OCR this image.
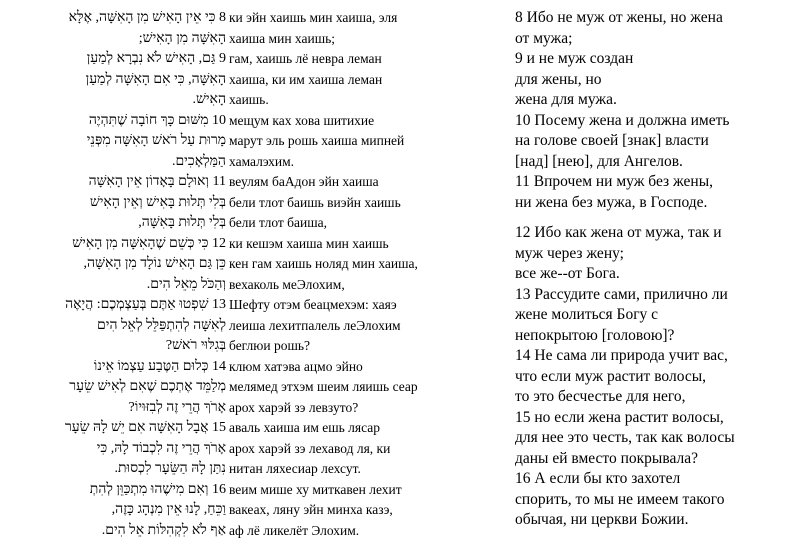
8 כִּי אֵין הָאִישׁ מִן הָאִשָּׁה, אֶלָּא
הָאִשָּׁה מִן הָאִישׁ;
9 גַּם, הָאִישׁ לֹא נִבְרָא לְמַעַן
הָאִשָּׁה, כִּי אִם הָאִשָּׁה לְמַעַן
הָאִישׁ.
10 מִשּׁוּם כָּךְ חוֹבָה שֶׁתִּהְיֶה
מָרוּת עַל רֹאשׁ הָאִשָּׁה מִפְּנֵי
הַמַּלְאָכִים.
11 וְאוּלָם בָּאָדוֹן אֵין הָאִשָּׁה
בְּלִי תְּלוּת בָּאִישׁ וְאֵין הָאִישׁ
בְּלִי תְּלוּת בָּאִשָּׁה,
12 כִּי כְּשֵׁם שֶׁהָאִשָּׁה מִן הָאִישׁ
כֵּן גַּם הָאִישׁ נוֹלָד מִן הָאִשָּׁה,
וְהַכֹּל מֵאֵל הִים.
13 שִׁפְטוּ אַתֶּם בְּעַצְמְכֶם: הֲיָאֶה
לְאִשָּׁה לְהִתְפַּלֵּל לְאֵל הִים
בְּגִלּוּי רֹאשׁ?
14 כְּלוּם הַטֶּבַע עַצְמוֹ אֵינוֹ
מְלַמֵּד אֶתְכֶם שֶׁאִם לְאִישׁ שֵׂעָר
אָרֹךְ הֲרֵי זֶה לְבִזּוּיוֹ?
15 אֲבָל הָאִשָּׁה אִם יֵשׁ לָהּ שֵׂעָר
אָרֹךְ הֲרֵי זֶה לִכְבוֹד לָהּ, כִּי
נִתַּן לָהּ הַשֵּׂעָר לִכְסוּת.
16 וְאִם מִישֶׁהוּ מִתְכַּוֵּן לְהִתְ
וַכֵּחַ, לָנוּ אֵין מִנְהָג כָּזֶה,
אַף לֹא לִקְהִלּוֹת אֵל הִים.
ки эйн хаишь мин хаиша, эля
хаиша мин хаишь;
гам, хаишь лё невра леман
хаиша, ки им хаиша леман
хаишь.
мещум ках хова шитихие
марут эль рошь хаиша мипней
хамалэхим.
веулям баАдон эйн хаиша
бели тлот баишь виэйн хаишь
бели тлот баиша,
ки кешэм хаиша мин хаишь
кен гам хаишь ноляд мин хаиша,
вехаколь меЭлохим,
Шефту отэм беацмехэм: хаяэ
леиша лехитпалель леЭлохим
беглюи рошь?
клюм хатэва ацмо эйно
мелямед этхэм шеим ляишь сеар
арох харэй зэ левзуто?
аваль хаиша им ешь лясар
арох харэй зэ лехавод ля, ки
нитан ляхесиар лехсут.
веим мише ху миткавен лехит
вакеах, ляну эйн минха казэ,
аф лё ликелёт Элохим.
8 Ибо не муж от жены, но жена
от мужа;
9 и не муж создан
для жены, но
жена для мужа.
10 Посему жена и должна иметь
на голове своей [знак] власти
[над] [нею], для Ангелов.
11 Впрочем ни муж без жены,
ни жена без мужа, в Господе.
12 Ибо как жена от мужа, так и
муж через жену;
все же--от Бога.
13 Рассудите сами, прилично ли
жене молиться Богу с
непокрытою [головою]?
14 Не сама ли природа учит вас,
что если муж растит волосы,
то это бесчестье для него,
15 но если жена растит волосы,
для нее это честь, так как волосы
даны ей вместо покрывала?
16 А если бы кто захотел
спорить, то мы не имеем такого
обычая, ни церкви Божии.
